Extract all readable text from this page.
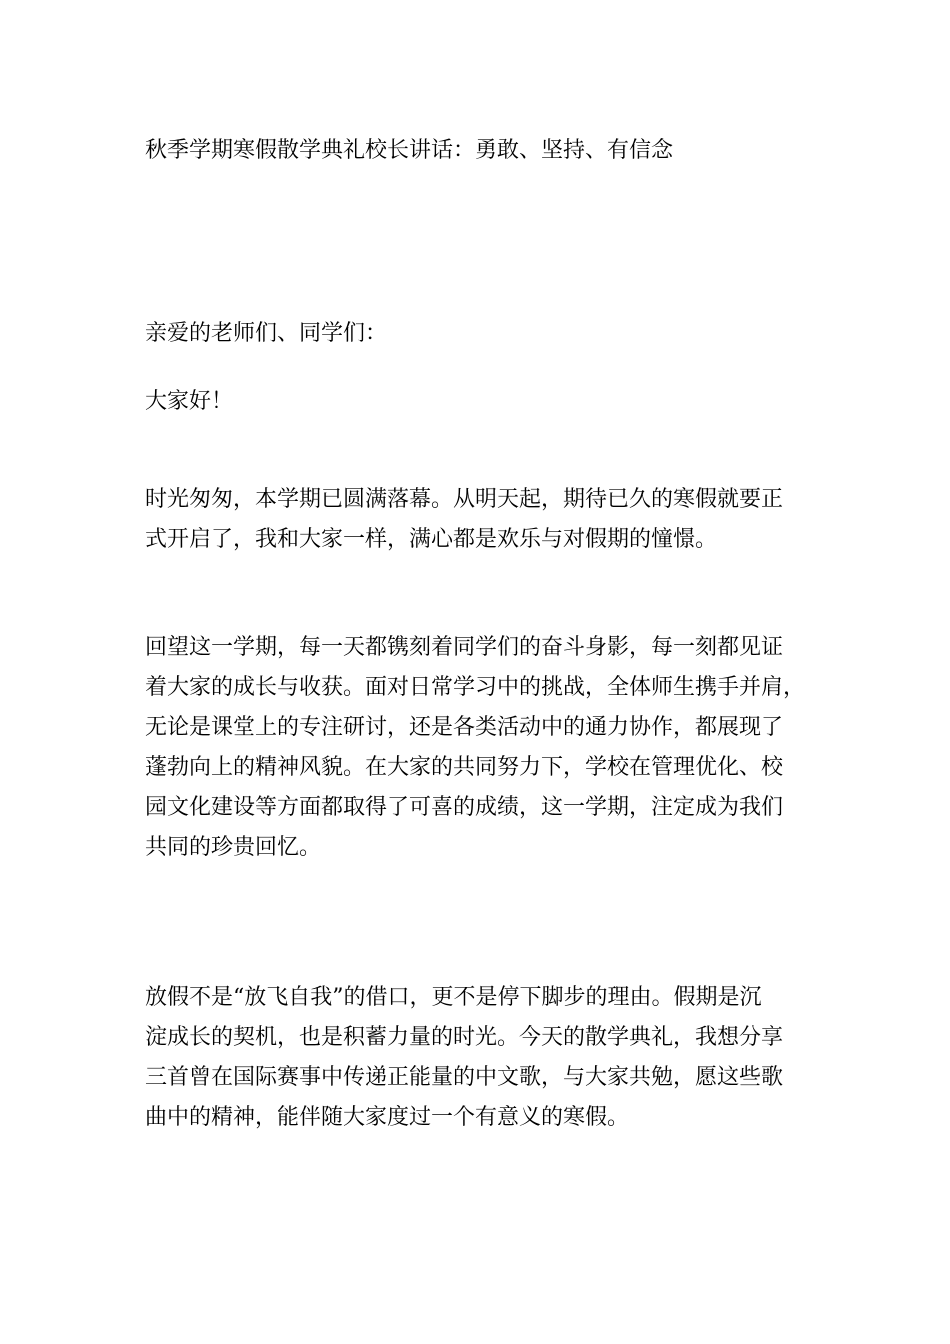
秋季学期寒假散学典礼校长讲话：勇敢、坚持、有信念

亲爱的老师们、同学们：

大家好！

时光匆匆，本学期已圆满落幕。从明天起，期待已久的寒假就要正
式开启了，我和大家一样，满心都是欢乐与对假期的憧憬。

回望这一学期，每一天都镌刻着同学们的奋斗身影，每一刻都见证
着大家的成长与收获。面对日常学习中的挑战，全体师生携手并肩，
无论是课堂上的专注研讨，还是各类活动中的通力协作，都展现了
蓬勃向上的精神风貌。在大家的共同努力下，学校在管理优化、校
园文化建设等方面都取得了可喜的成绩，这一学期，注定成为我们
共同的珍贵回忆。

放假不是“放飞自我”的借口，更不是停下脚步的理由。假期是沉
淀成长的契机，也是积蓄力量的时光。今天的散学典礼，我想分享
三首曾在国际赛事中传递正能量的中文歌，与大家共勉，愿这些歌
曲中的精神，能伴随大家度过一个有意义的寒假。
